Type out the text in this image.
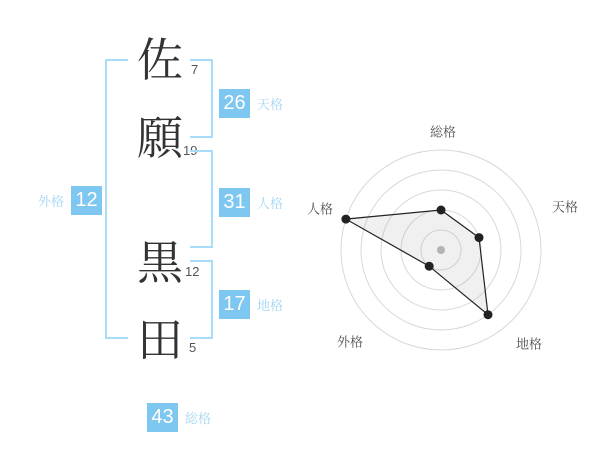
佐 7
願 19
黒 12
田 5
外格 12
26 天格
31 人格
17 地格
43 総格
総格
天格
地格
外格
人格
